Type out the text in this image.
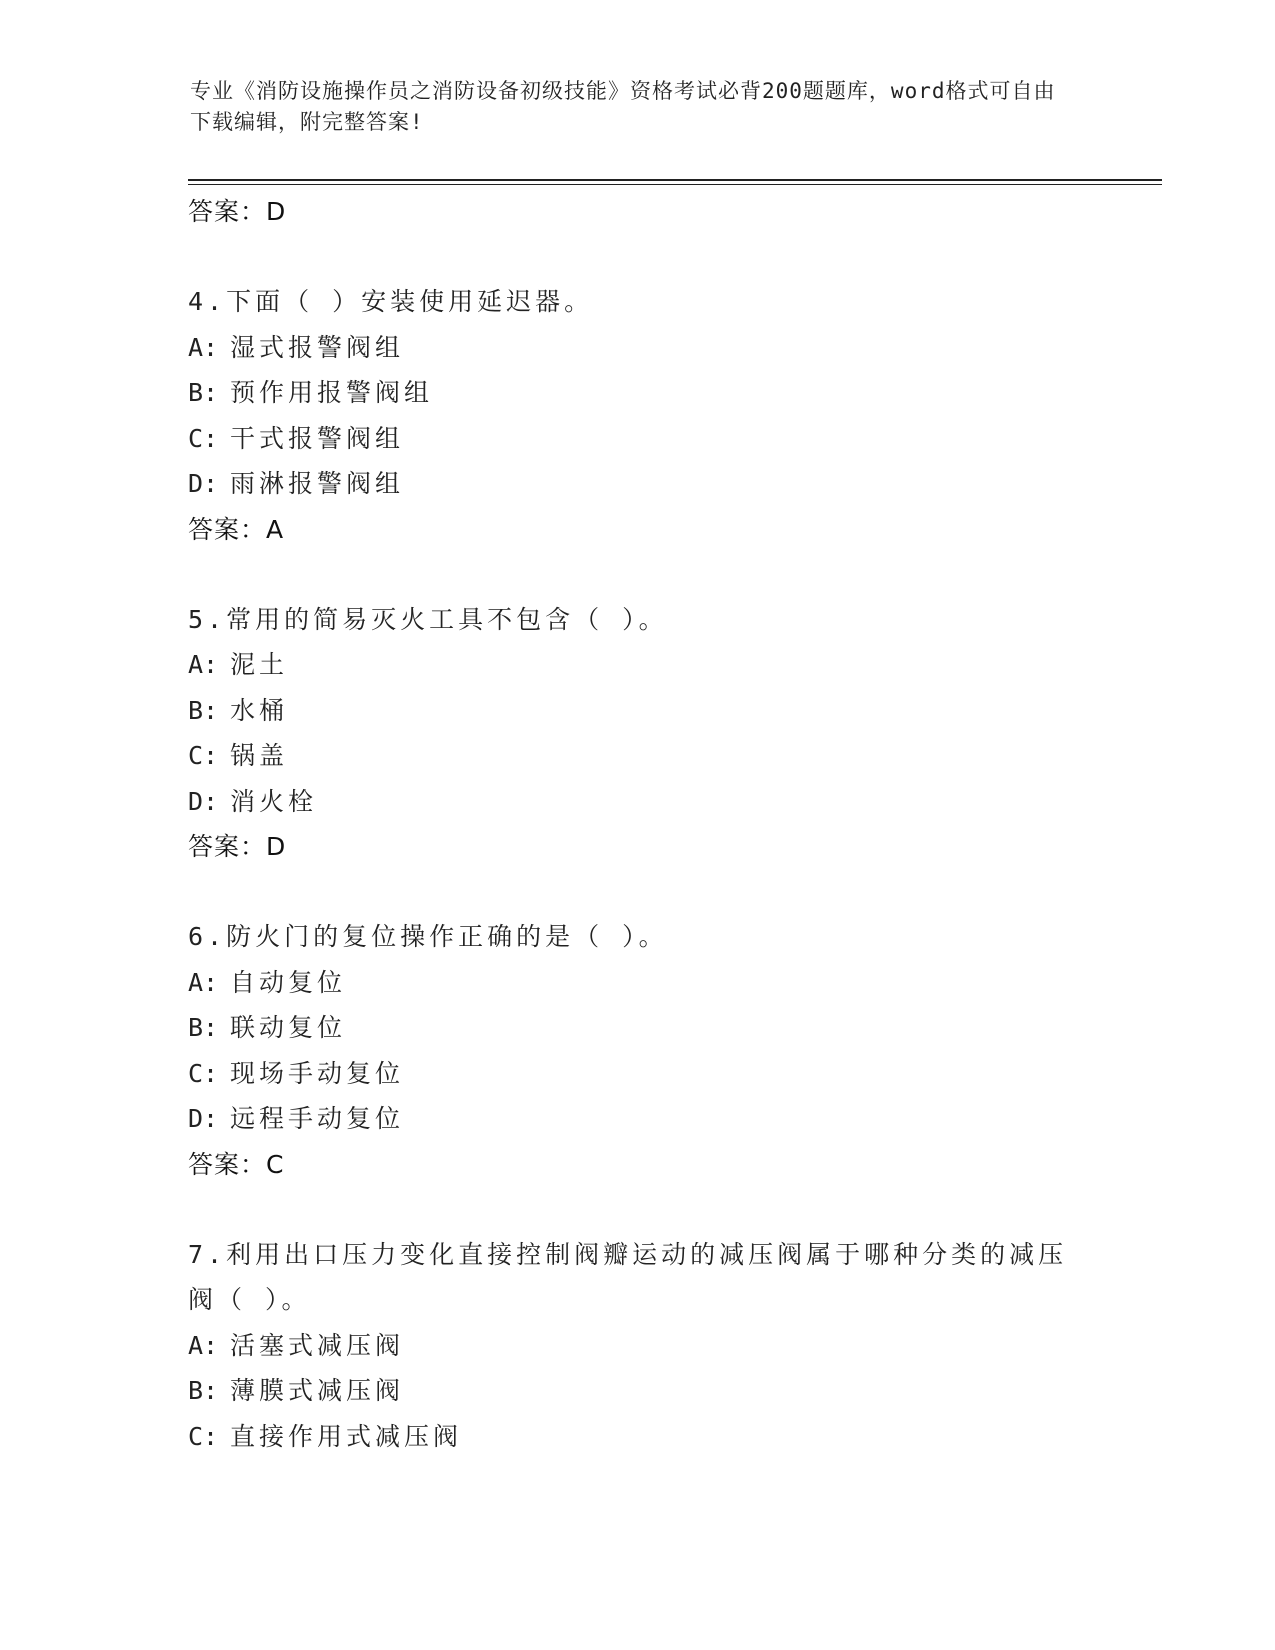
专业《消防设施操作员之消防设备初级技能》资格考试必背200题题库，word格式可自由下载编辑，附完整答案!
答案：D
4.下面（ ）安装使用延迟器。
A: 湿式报警阀组
B: 预作用报警阀组
C: 干式报警阀组
D: 雨淋报警阀组
答案：A
5.常用的简易灭火工具不包含（ ）。
A: 泥土
B: 水桶
C: 锅盖
D: 消火栓
答案：D
6.防火门的复位操作正确的是（ ）。
A: 自动复位
B: 联动复位
C: 现场手动复位
D: 远程手动复位
答案：C
7.利用出口压力变化直接控制阀瓣运动的减压阀属于哪种分类的减压阀（ ）。
A: 活塞式减压阀
B: 薄膜式减压阀
C: 直接作用式减压阀
